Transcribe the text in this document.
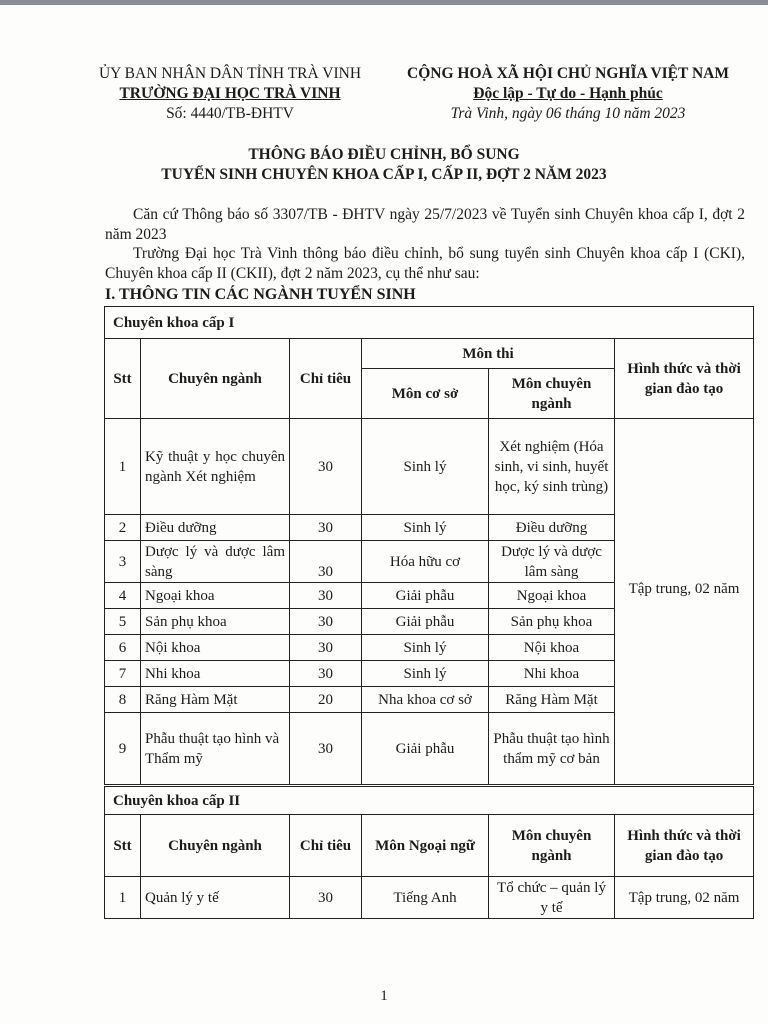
ỦY BAN NHÂN DÂN TỈNH TRÀ VINH
TRƯỜNG ĐẠI HỌC TRÀ VINH
Số: 4440/TB-ĐHTV
CỘNG HOÀ XÃ HỘI CHỦ NGHĨA VIỆT NAM
Độc lập - Tự do - Hạnh phúc
Trà Vinh, ngày 06 tháng 10 năm 2023
THÔNG BÁO ĐIỀU CHỈNH, BỔ SUNG
TUYỂN SINH CHUYÊN KHOA CẤP I, CẤP II, ĐỢT 2 NĂM 2023
Căn cứ Thông báo số 3307/TB - ĐHTV ngày 25/7/2023 về Tuyển sinh Chuyên khoa cấp I, đợt 2 năm 2023
Trường Đại học Trà Vinh thông báo điều chỉnh, bổ sung tuyển sinh Chuyên khoa cấp I (CKI), Chuyên khoa cấp II (CKII), đợt 2 năm 2023, cụ thể như sau:
I. THÔNG TIN CÁC NGÀNH TUYỂN SINH
Chuyên khoa cấp I					
Stt	Chuyên ngành	Chỉ tiêu	Môn thi		Hình thức và thời gian đào tạo
			Môn cơ sở	Môn chuyên ngành	
1	Kỹ thuật y học chuyên ngành Xét nghiệm	30	Sinh lý	Xét nghiệm (Hóa sinh, vi sinh, huyết học, ký sinh trùng)	Tập trung, 02 năm
2	Điều dưỡng	30	Sinh lý	Điều dưỡng	
3	Dược lý và dược lâm sàng	30	Hóa hữu cơ	Dược lý và dược lâm sàng	
4	Ngoại khoa	30	Giải phẫu	Ngoại khoa	
5	Sản phụ khoa	30	Giải phẫu	Sản phụ khoa	
6	Nội khoa	30	Sinh lý	Nội khoa	
7	Nhi khoa	30	Sinh lý	Nhi khoa	
8	Răng Hàm Mặt	20	Nha khoa cơ sở	Răng Hàm Mặt	
9	Phẫu thuật tạo hình và Thẩm mỹ	30	Giải phẫu	Phẫu thuật tạo hình thẩm mỹ cơ bản	
Chuyên khoa cấp II					
Stt	Chuyên ngành	Chỉ tiêu	Môn Ngoại ngữ	Môn chuyên ngành	Hình thức và thời gian đào tạo
1	Quản lý y tế	30	Tiếng Anh	Tổ chức – quản lý y tế	Tập trung, 02 năm
1
